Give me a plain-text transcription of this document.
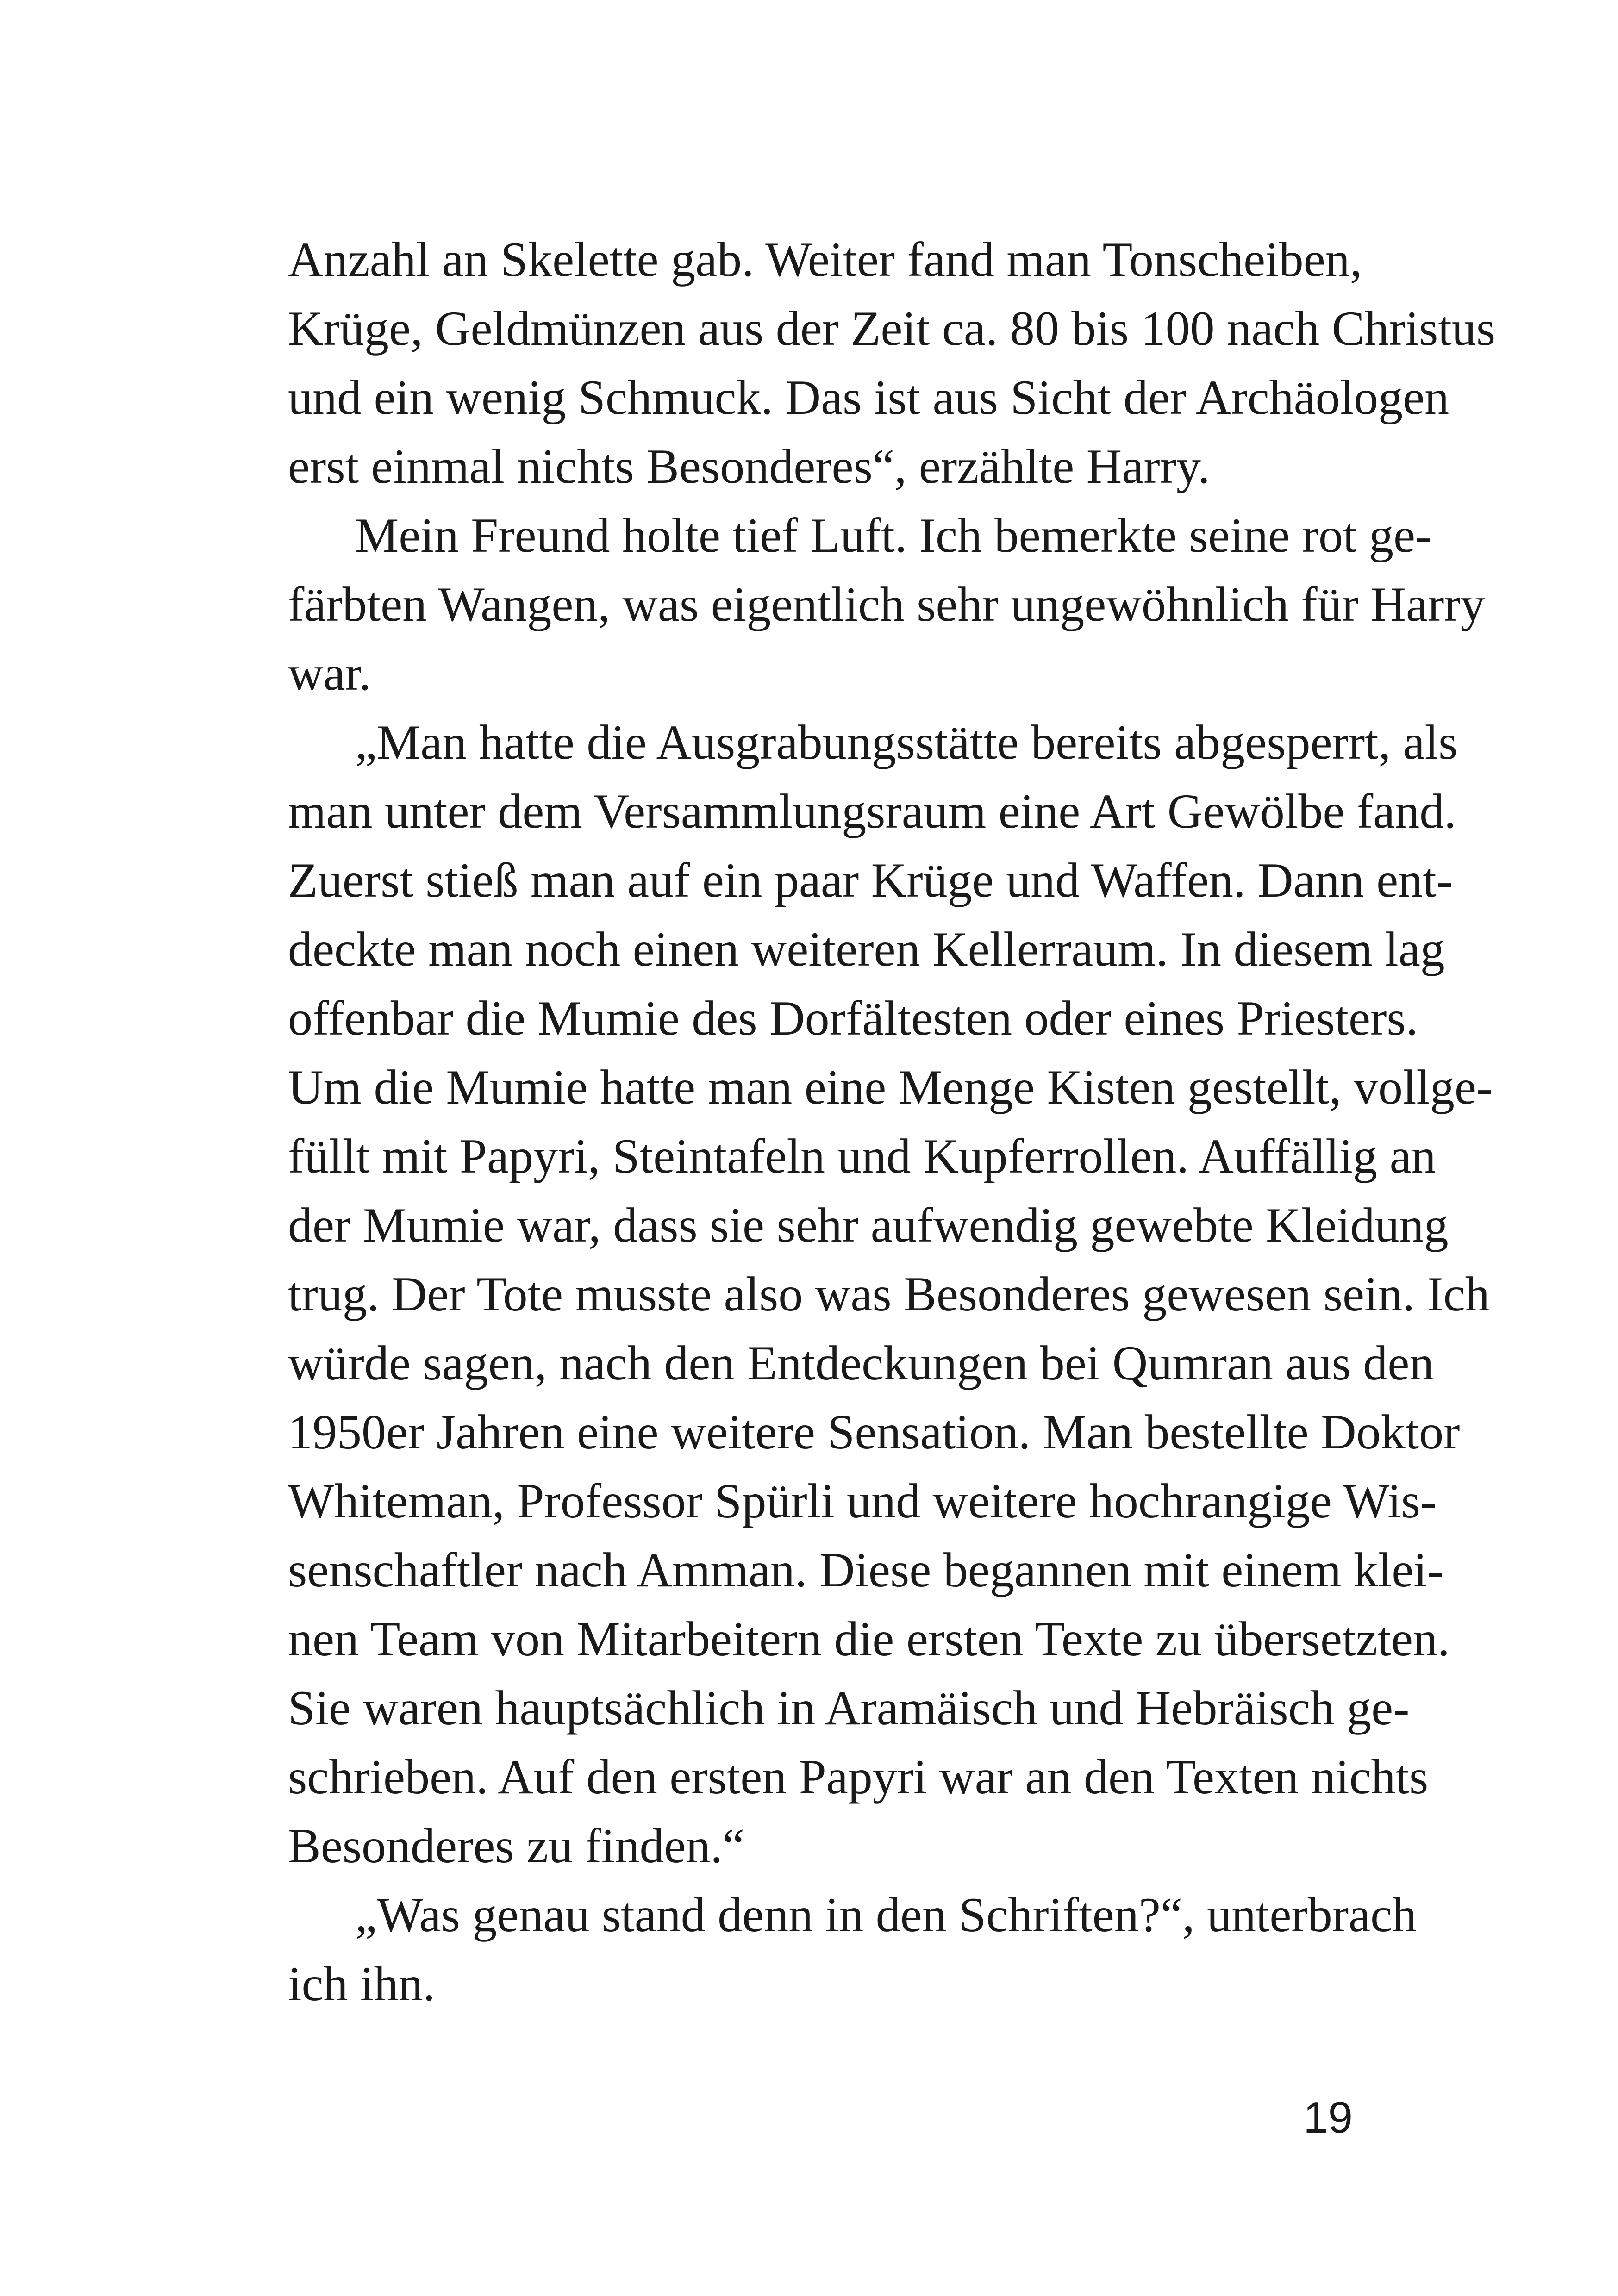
Anzahl an Skelette gab. Weiter fand man Tonscheiben,
Krüge, Geldmünzen aus der Zeit ca. 80 bis 100 nach Christus
und ein wenig Schmuck. Das ist aus Sicht der Archäologen
erst einmal nichts Besonderes“, erzählte Harry.
Mein Freund holte tief Luft. Ich bemerkte seine rot ge-
färbten Wangen, was eigentlich sehr ungewöhnlich für Harry
war.
„Man hatte die Ausgrabungsstätte bereits abgesperrt, als
man unter dem Versammlungsraum eine Art Gewölbe fand.
Zuerst stieß man auf ein paar Krüge und Waffen. Dann ent-
deckte man noch einen weiteren Kellerraum. In diesem lag
offenbar die Mumie des Dorfältesten oder eines Priesters.
Um die Mumie hatte man eine Menge Kisten gestellt, vollge-
füllt mit Papyri, Steintafeln und Kupferrollen. Auffällig an
der Mumie war, dass sie sehr aufwendig gewebte Kleidung
trug. Der Tote musste also was Besonderes gewesen sein. Ich
würde sagen, nach den Entdeckungen bei Qumran aus den
1950er Jahren eine weitere Sensation. Man bestellte Doktor
Whiteman, Professor Spürli und weitere hochrangige Wis-
senschaftler nach Amman. Diese begannen mit einem klei-
nen Team von Mitarbeitern die ersten Texte zu übersetzten.
Sie waren hauptsächlich in Aramäisch und Hebräisch ge-
schrieben. Auf den ersten Papyri war an den Texten nichts
Besonderes zu finden.“
„Was genau stand denn in den Schriften?“, unterbrach
ich ihn.
19
